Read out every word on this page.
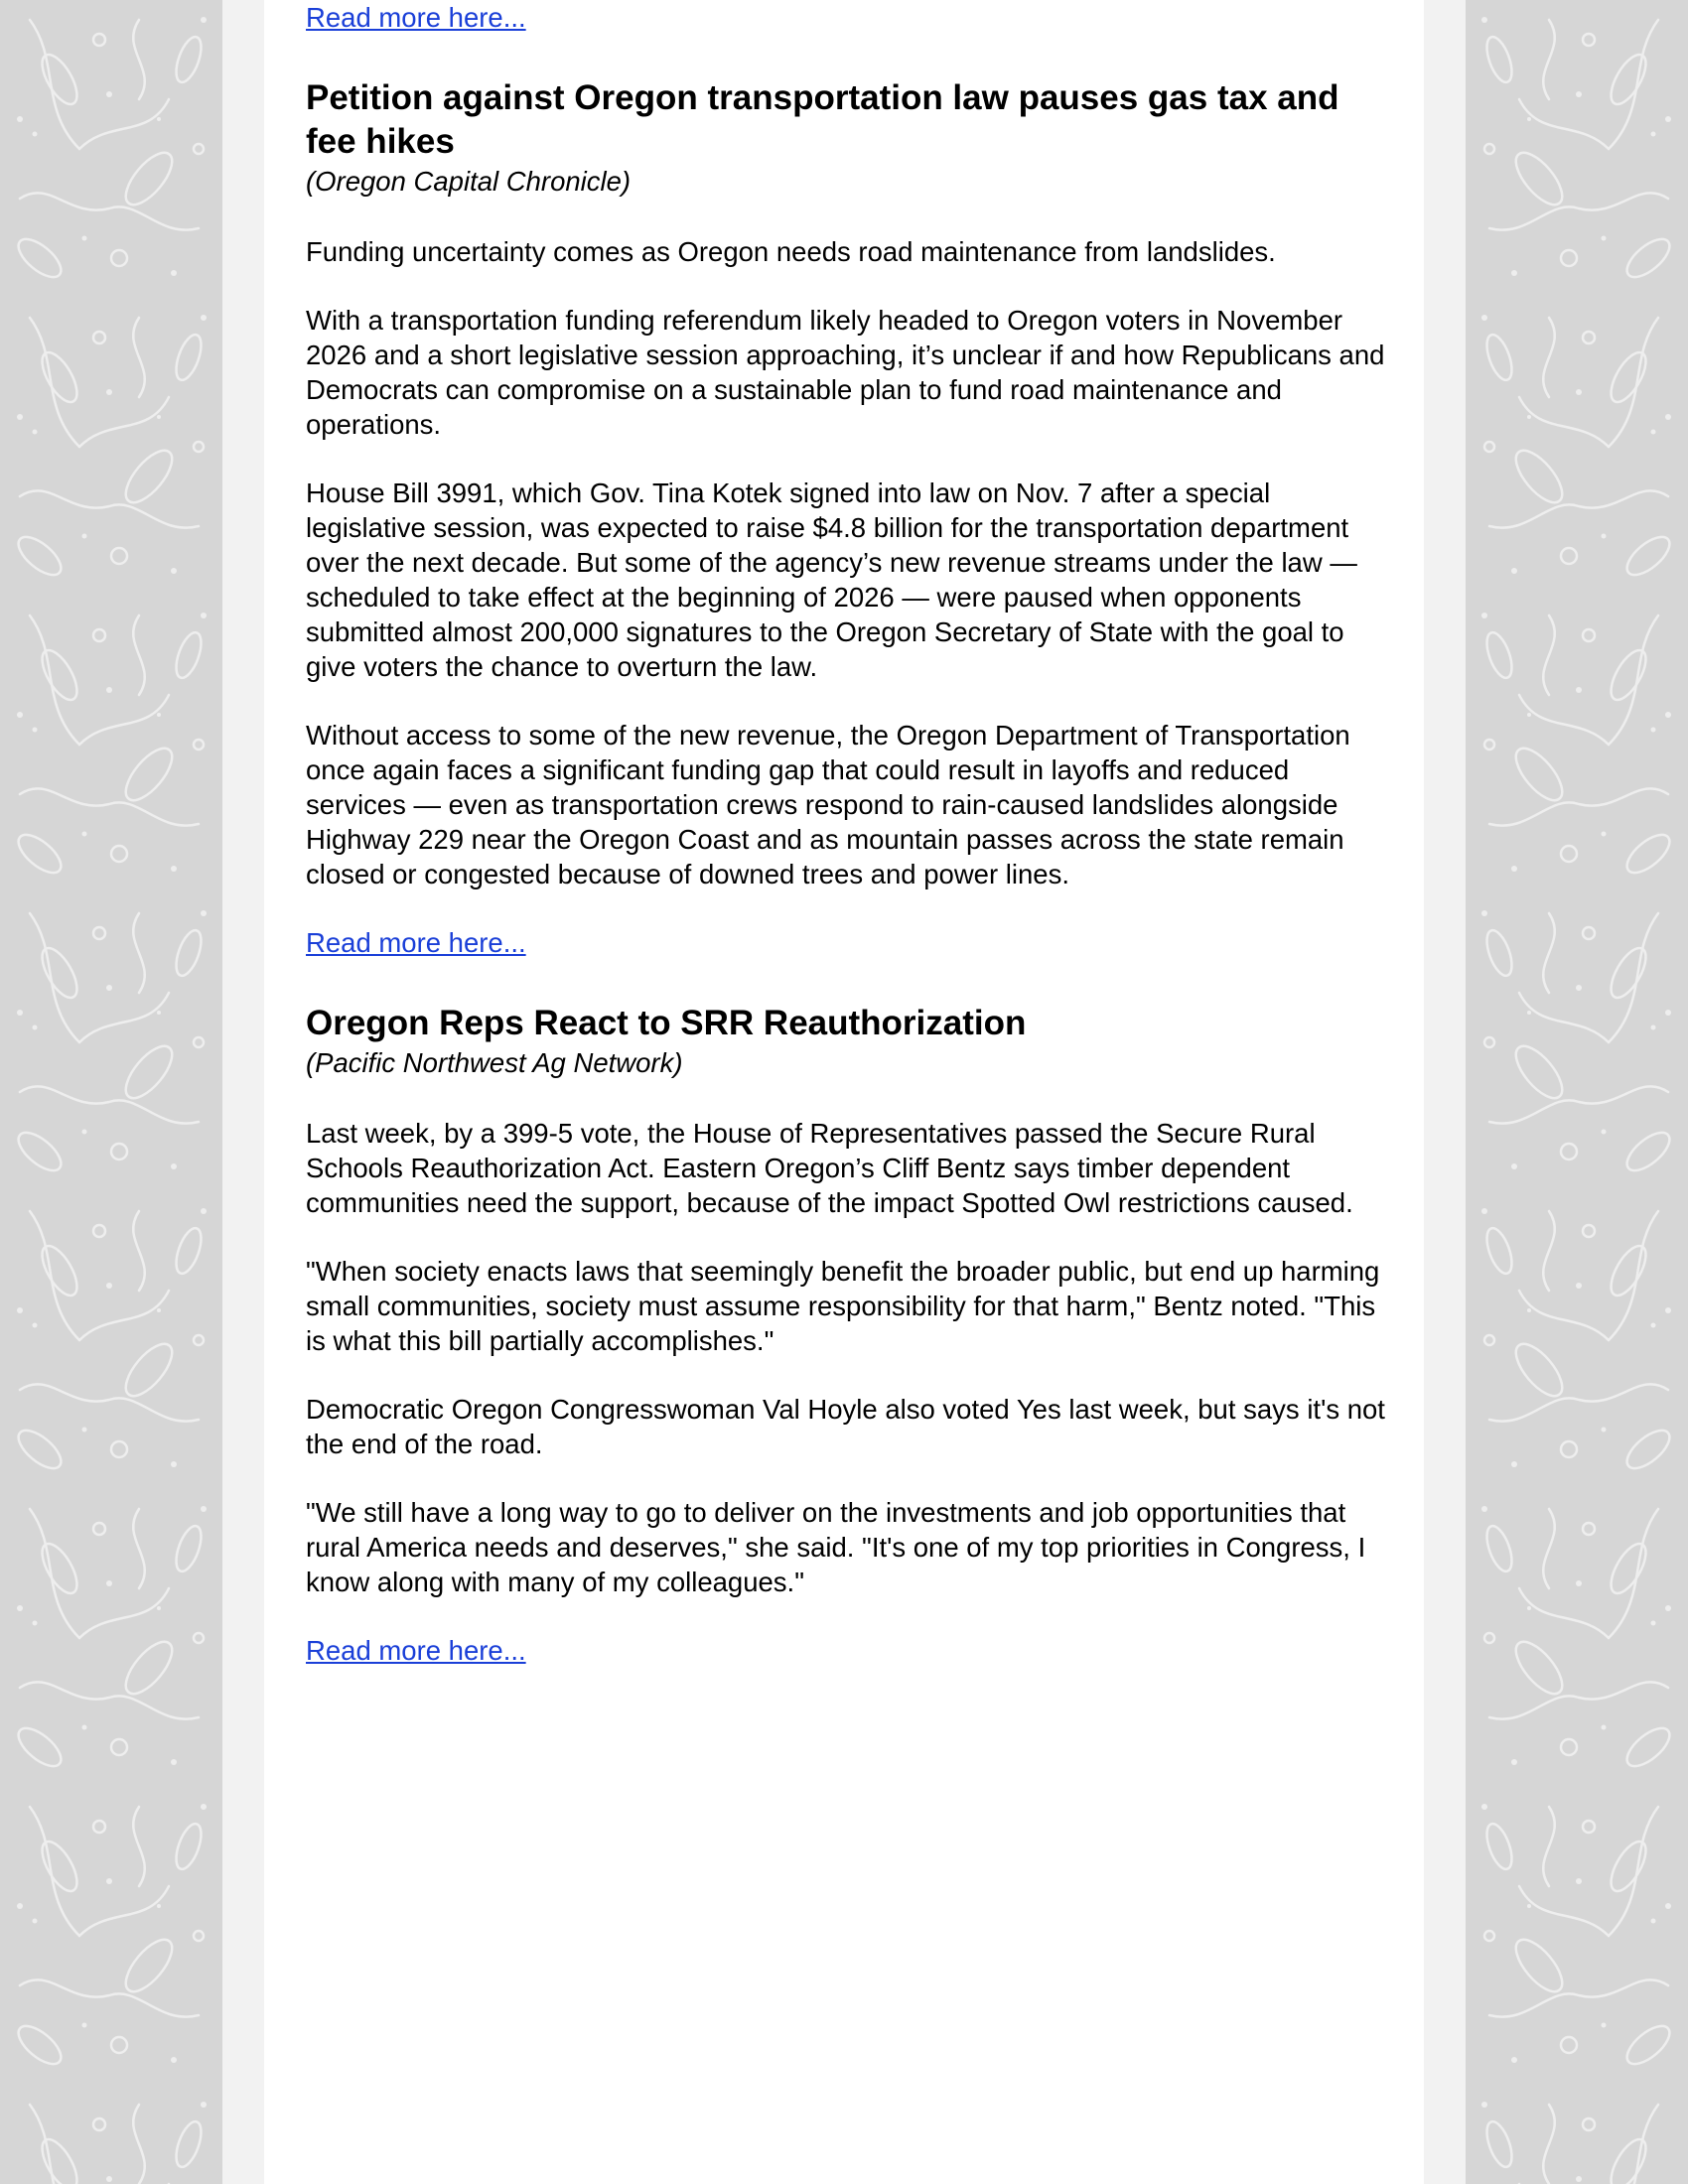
Read more here...
Petition against Oregon transportation law pauses gas tax and fee hikes

(Oregon Capital Chronicle)

Funding uncertainty comes as Oregon needs road maintenance from landslides.

With a transportation funding referendum likely headed to Oregon voters in November 2026 and a short legislative session approaching, it’s unclear if and how Republicans and Democrats can compromise on a sustainable plan to fund road maintenance and operations.

House Bill 3991, which Gov. Tina Kotek signed into law on Nov. 7 after a special legislative session, was expected to raise $4.8 billion for the transportation department over the next decade. But some of the agency’s new revenue streams under the law — scheduled to take effect at the beginning of 2026 — were paused when opponents submitted almost 200,000 signatures to the Oregon Secretary of State with the goal to give voters the chance to overturn the law.

Without access to some of the new revenue, the Oregon Department of Transportation once again faces a significant funding gap that could result in layoffs and reduced services — even as transportation crews respond to rain-caused landslides alongside Highway 229 near the Oregon Coast and as mountain passes across the state remain closed or congested because of downed trees and power lines.

Read more here...
Oregon Reps React to SRR Reauthorization

(Pacific Northwest Ag Network)

Last week, by a 399-5 vote, the House of Representatives passed the Secure Rural Schools Reauthorization Act. Eastern Oregon’s Cliff Bentz says timber dependent communities need the support, because of the impact Spotted Owl restrictions caused.

"When society enacts laws that seemingly benefit the broader public, but end up harming small communities, society must assume responsibility for that harm," Bentz noted. "This is what this bill partially accomplishes."

Democratic Oregon Congresswoman Val Hoyle also voted Yes last week, but says it's not the end of the road.

"We still have a long way to go to deliver on the investments and job opportunities that rural America needs and deserves," she said. "It's one of my top priorities in Congress, I know along with many of my colleagues."

Read more here...
